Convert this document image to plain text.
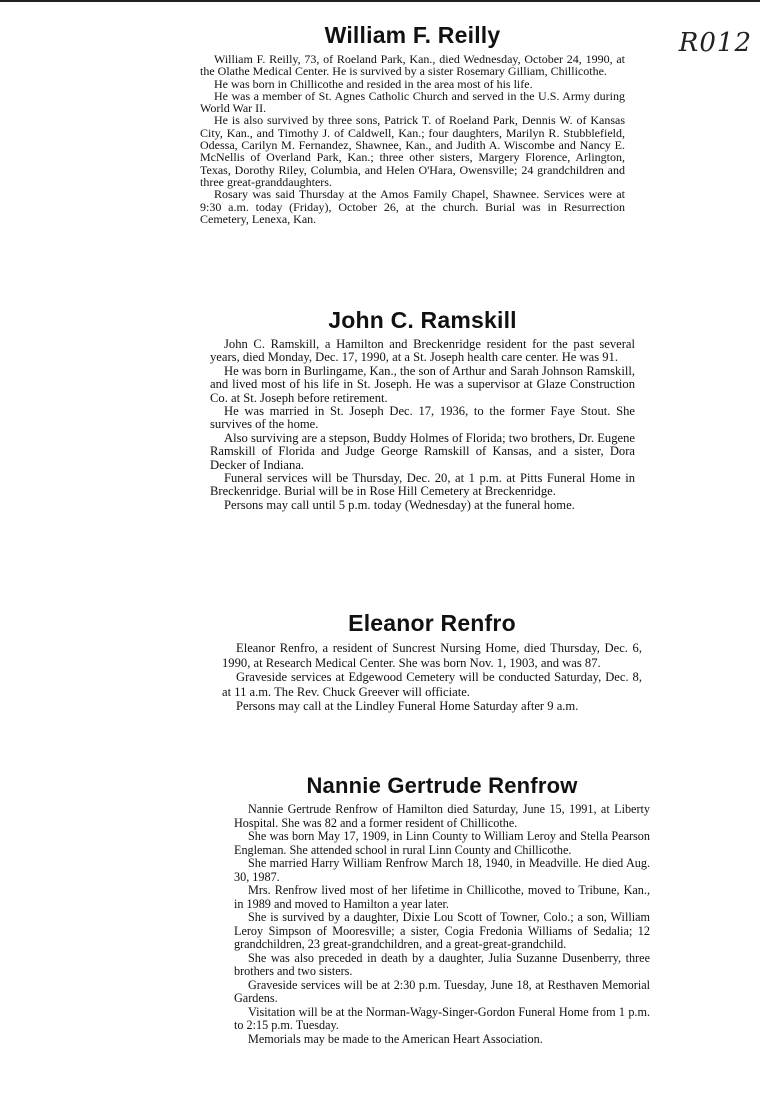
R012
William F. Reilly

William F. Reilly, 73, of Roeland Park, Kan., died Wednesday, October 24, 1990, at the Olathe Medical Center. He is survived by a sister Rosemary Gilliam, Chillicothe.

He was born in Chillicothe and resided in the area most of his life.

He was a member of St. Agnes Catholic Church and served in the U.S. Army during World War II.

He is also survived by three sons, Patrick T. of Roeland Park, Dennis W. of Kansas City, Kan., and Timothy J. of Caldwell, Kan.; four daughters, Marilyn R. Stubblefield, Odessa, Carilyn M. Fernandez, Shawnee, Kan., and Judith A. Wiscombe and Nancy E. McNellis of Overland Park, Kan.; three other sisters, Margery Florence, Arlington, Texas, Dorothy Riley, Columbia, and Helen O'Hara, Owensville; 24 grandchildren and three great-granddaughters.

Rosary was said Thursday at the Amos Family Chapel, Shawnee. Services were at 9:30 a.m. today (Friday), October 26, at the church. Burial was in Resurrection Cemetery, Lenexa, Kan.

John C. Ramskill

John C. Ramskill, a Hamilton and Breckenridge resident for the past several years, died Monday, Dec. 17, 1990, at a St. Joseph health care center. He was 91.

He was born in Burlingame, Kan., the son of Arthur and Sarah Johnson Ramskill, and lived most of his life in St. Joseph. He was a supervisor at Glaze Construction Co. at St. Joseph before retirement.

He was married in St. Joseph Dec. 17, 1936, to the former Faye Stout. She survives of the home.

Also surviving are a stepson, Buddy Holmes of Florida; two brothers, Dr. Eugene Ramskill of Florida and Judge George Ramskill of Kansas, and a sister, Dora Decker of Indiana.

Funeral services will be Thursday, Dec. 20, at 1 p.m. at Pitts Funeral Home in Breckenridge. Burial will be in Rose Hill Cemetery at Breckenridge.

Persons may call until 5 p.m. today (Wednesday) at the funeral home.

Eleanor Renfro

Eleanor Renfro, a resident of Suncrest Nursing Home, died Thursday, Dec. 6, 1990, at Research Medical Center. She was born Nov. 1, 1903, and was 87.

Graveside services at Edgewood Cemetery will be conducted Saturday, Dec. 8, at 11 a.m. The Rev. Chuck Greever will officiate.

Persons may call at the Lindley Funeral Home Saturday after 9 a.m.

Nannie Gertrude Renfrow

Nannie Gertrude Renfrow of Hamilton died Saturday, June 15, 1991, at Liberty Hospital. She was 82 and a former resident of Chillicothe.

She was born May 17, 1909, in Linn County to William Leroy and Stella Pearson Engleman. She attended school in rural Linn County and Chillicothe.

She married Harry William Renfrow March 18, 1940, in Meadville. He died Aug. 30, 1987.

Mrs. Renfrow lived most of her lifetime in Chillicothe, moved to Tribune, Kan., in 1989 and moved to Hamilton a year later.

She is survived by a daughter, Dixie Lou Scott of Towner, Colo.; a son, William Leroy Simpson of Mooresville; a sister, Cogia Fredonia Williams of Sedalia; 12 grandchildren, 23 great-grandchildren, and a great-great-grandchild.

She was also preceded in death by a daughter, Julia Suzanne Dusenberry, three brothers and two sisters.

Graveside services will be at 2:30 p.m. Tuesday, June 18, at Resthaven Memorial Gardens.

Visitation will be at the Norman-Wagy-Singer-Gordon Funeral Home from 1 p.m. to 2:15 p.m. Tuesday.

Memorials may be made to the American Heart Association.
